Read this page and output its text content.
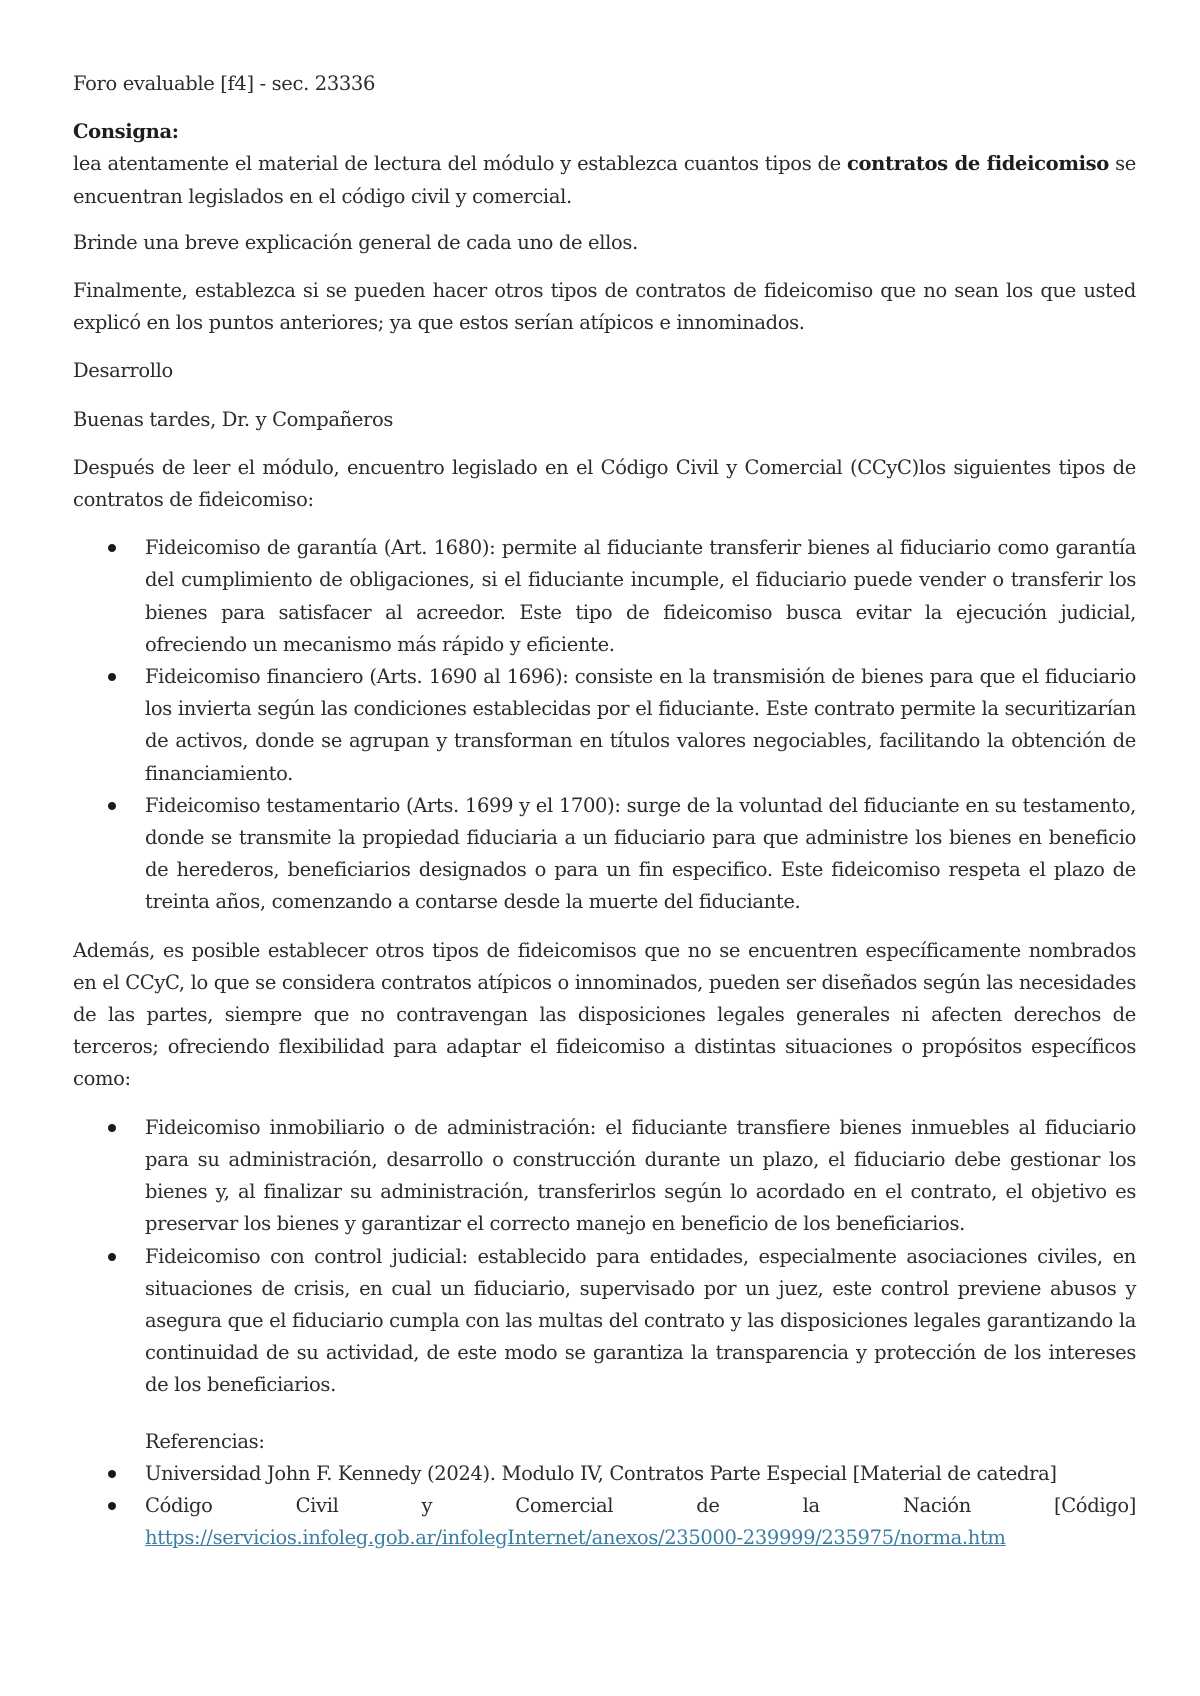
Foro evaluable [f4] - sec. 23336

Consigna:
lea atentamente el material de lectura del módulo y establezca cuantos tipos de contratos de fideicomiso se encuentran legislados en el código civil y comercial.

Brinde una breve explicación general de cada uno de ellos.

Finalmente, establezca si se pueden hacer otros tipos de contratos de fideicomiso que no sean los que usted explicó en los puntos anteriores; ya que estos serían atípicos e innominados.

Desarrollo

Buenas tardes, Dr. y Compañeros

Después de leer el módulo, encuentro legislado en el Código Civil y Comercial (CCyC)los siguientes tipos de contratos de fideicomiso:

Fideicomiso de garantía (Art. 1680): permite al fiduciante transferir bienes al fiduciario como garantía del cumplimiento de obligaciones, si el fiduciante incumple, el fiduciario puede vender o transferir los bienes para satisfacer al acreedor. Este tipo de fideicomiso busca evitar la ejecución judicial, ofreciendo un mecanismo más rápido y eficiente.
Fideicomiso financiero (Arts. 1690 al 1696): consiste en la transmisión de bienes para que el fiduciario los invierta según las condiciones establecidas por el fiduciante. Este contrato permite la securitizarían de activos, donde se agrupan y transforman en títulos valores negociables, facilitando la obtención de financiamiento.
Fideicomiso testamentario (Arts. 1699 y el 1700): surge de la voluntad del fiduciante en su testamento, donde se transmite la propiedad fiduciaria a un fiduciario para que administre los bienes en beneficio de herederos, beneficiarios designados o para un fin especifico. Este fideicomiso respeta el plazo de treinta años, comenzando a contarse desde la muerte del fiduciante.

Además, es posible establecer otros tipos de fideicomisos que no se encuentren específicamente nombrados en el CCyC, lo que se considera contratos atípicos o innominados, pueden ser diseñados según las necesidades de las partes, siempre que no contravengan las disposiciones legales generales ni afecten derechos de terceros; ofreciendo flexibilidad para adaptar el fideicomiso a distintas situaciones o propósitos específicos como:

Fideicomiso inmobiliario o de administración: el fiduciante transfiere bienes inmuebles al fiduciario para su administración, desarrollo o construcción durante un plazo, el fiduciario debe gestionar los bienes y, al finalizar su administración, transferirlos según lo acordado en el contrato, el objetivo es preservar los bienes y garantizar el correcto manejo en beneficio de los beneficiarios.
Fideicomiso con control judicial: establecido para entidades, especialmente asociaciones civiles, en situaciones de crisis, en cual un fiduciario, supervisado por un juez, este control previene abusos y asegura que el fiduciario cumpla con las multas del contrato y las disposiciones legales garantizando la continuidad de su actividad, de este modo se garantiza la transparencia y protección de los intereses de los beneficiarios.

Referencias:

Universidad John F. Kennedy (2024). Modulo IV, Contratos Parte Especial [Material de catedra]
Código Civil y Comercial de la Nación [Código]
https://servicios.infoleg.gob.ar/infolegInternet/anexos/235000-239999/235975/norma.htm
